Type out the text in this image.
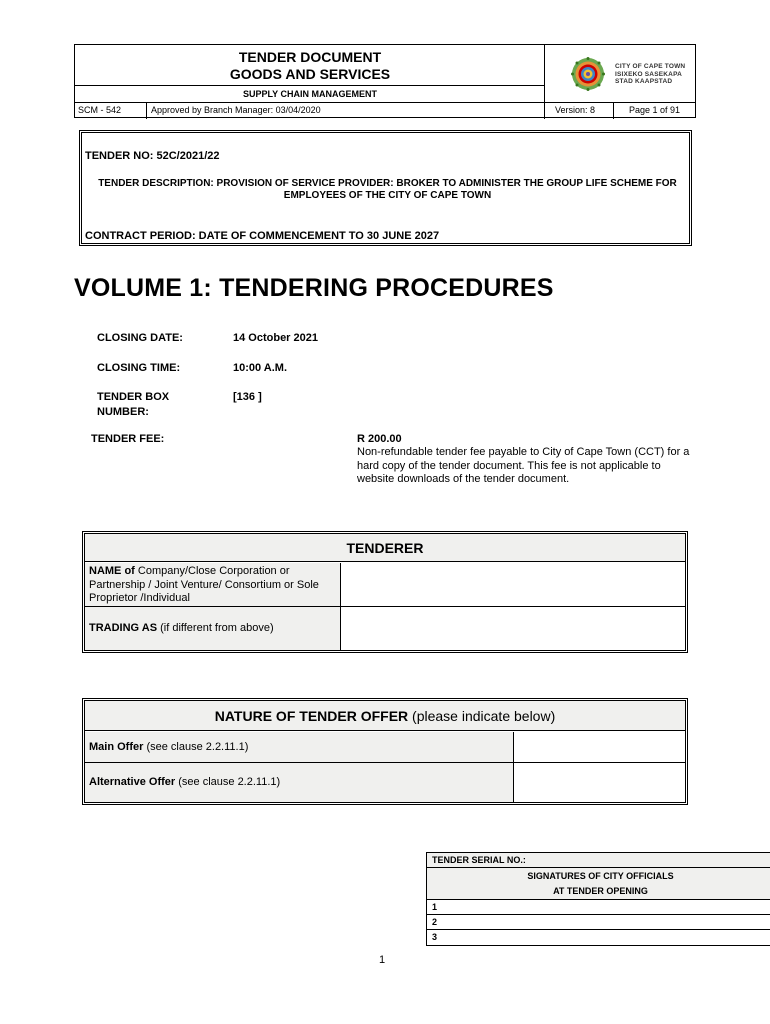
TENDER DOCUMENT
GOODS AND SERVICES
SUPPLY CHAIN MANAGEMENT
CITY OF CAPE TOWN
ISIXEKO SASEKAPA
STAD KAAPSTAD
SCM - 542	Approved by Branch Manager: 03/04/2020	Version: 8	Page 1 of 91
TENDER NO: 52C/2021/22
TENDER DESCRIPTION: PROVISION OF SERVICE PROVIDER: BROKER TO ADMINISTER THE GROUP LIFE SCHEME FOR EMPLOYEES OF THE CITY OF CAPE TOWN
CONTRACT PERIOD: DATE OF COMMENCEMENT TO 30 JUNE 2027
VOLUME 1: TENDERING PROCEDURES
CLOSING DATE:	14 October 2021
CLOSING TIME:	10:00 A.M.
TENDER BOX
NUMBER:
[136 ]
TENDER FEE:	R 200.00
Non-refundable tender fee payable to City of Cape Town (CCT) for a hard copy of the tender document. This fee is not applicable to website downloads of the tender document.
TENDERER
NAME of Company/Close Corporation or Partnership / Joint Venture/ Consortium or Sole Proprietor /Individual
TRADING AS (if different from above)
NATURE OF TENDER OFFER (please indicate below)
Main Offer (see clause 2.2.11.1)
Alternative Offer (see clause 2.2.11.1)
TENDER SERIAL NO.:
SIGNATURES OF CITY OFFICIALS
AT TENDER OPENING
1
2
3
1
